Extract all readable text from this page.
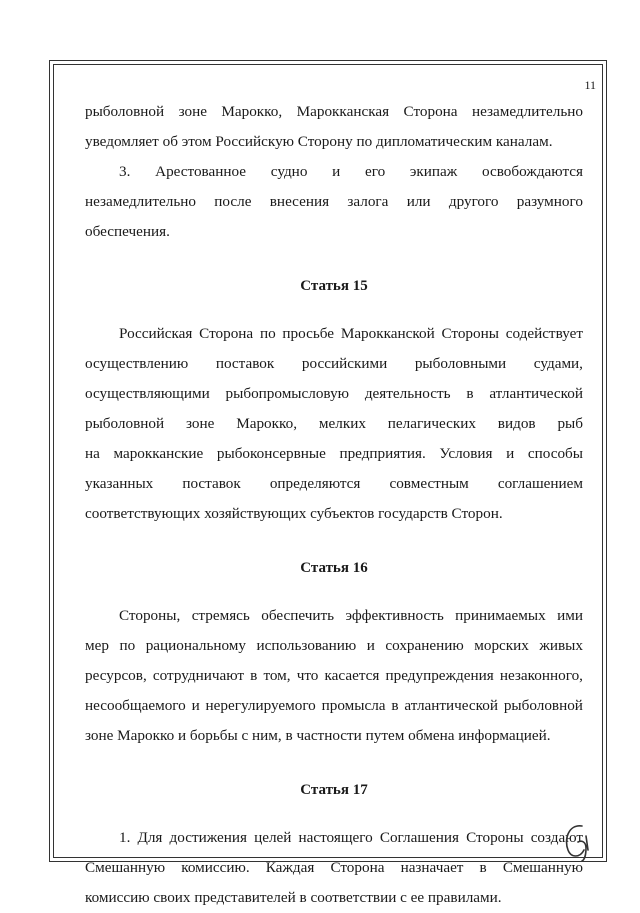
11
рыболовной зоне Марокко, Марокканская Сторона незамедлительно
уведомляет об этом Российскую Сторону по дипломатическим каналам.
3. Арестованное судно и его экипаж освобождаются
незамедлительно после внесения залога или другого разумного
обеспечения.
Статья 15
Российская Сторона по просьбе Марокканской Стороны содействует
осуществлению поставок российскими рыболовными судами,
осуществляющими рыбопромысловую деятельность в атлантической
рыболовной зоне Марокко, мелких пелагических видов рыб
на марокканские рыбоконсервные предприятия. Условия и способы
указанных поставок определяются совместным соглашением
соответствующих хозяйствующих субъектов государств Сторон.
Статья 16
Стороны, стремясь обеспечить эффективность принимаемых ими
мер по рациональному использованию и сохранению морских живых
ресурсов, сотрудничают в том, что касается предупреждения незаконного,
несообщаемого и нерегулируемого промысла в атлантической рыболовной
зоне Марокко и борьбы с ним, в частности путем обмена информацией.
Статья 17
1. Для достижения целей настоящего Соглашения Стороны создают
Смешанную комиссию. Каждая Сторона назначает в Смешанную
комиссию своих представителей в соответствии с ее правилами.
